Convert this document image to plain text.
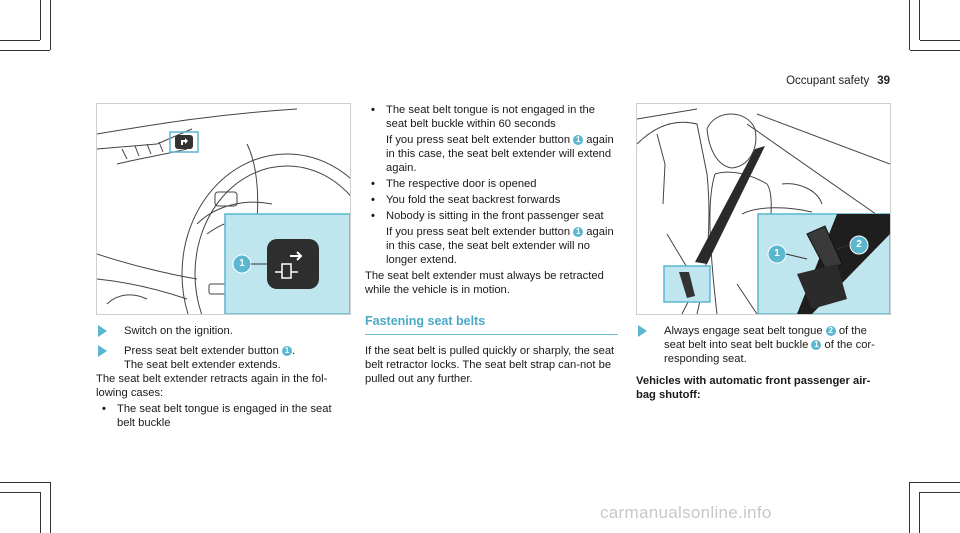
Occupant safety 39
1

Switch on the ignition.

Press seat belt extender button 1 .

The seat belt extender extends.

The seat belt extender retracts again in the fol-lowing cases:

• The seat belt tongue is engaged in the seat belt buckle

• The seat belt tongue is not engaged in the seat belt buckle within 60 seconds

If you press seat belt extender button 1 again in this case, the seat belt extender will extend again.

• The respective door is opened

• You fold the seat backrest forwards

• Nobody is sitting in the front passenger seat

If you press seat belt extender button 1 again in this case, the seat belt extender will no longer extend.

The seat belt extender must always be retracted while the vehicle is in motion.

Fastening seat belts

If the seat belt is pulled quickly or sharply, the seat belt retractor locks. The seat belt strap can-not be pulled out any further.

1
2

Always engage seat belt tongue 2 of the seat belt into seat belt buckle 1 of the cor-responding seat.

Vehicles with automatic front passenger air-bag shutoff:

carmanualsonline.info
